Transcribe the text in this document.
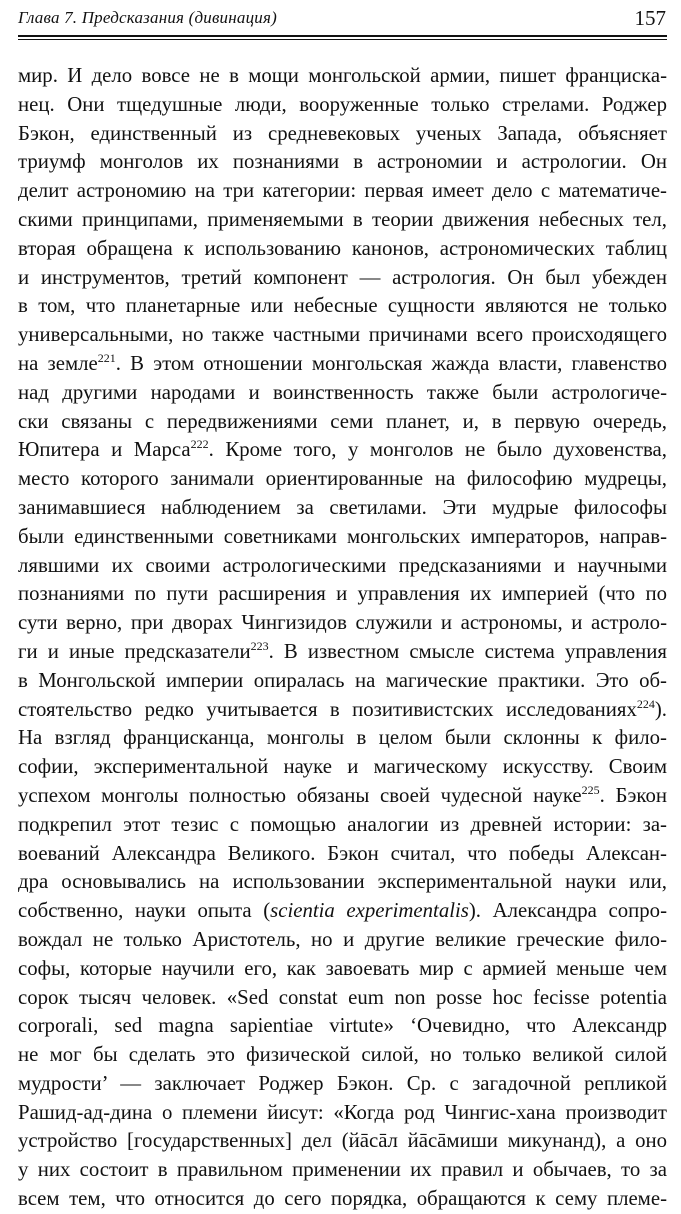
Глава 7. Предсказания (дивинация)	157
мир. И дело вовсе не в мощи монгольской армии, пишет франциска-
нец. Они тщедушные люди, вооруженные только стрелами. Роджер
Бэкон, единственный из средневековых ученых Запада, объясняет
триумф монголов их познаниями в астрономии и астрологии. Он
делит астрономию на три категории: первая имеет дело с математиче-
скими принципами, применяемыми в теории движения небесных тел,
вторая обращена к использованию канонов, астрономических таблиц
и инструментов, третий компонент — астрология. Он был убежден
в том, что планетарные или небесные сущности являются не только
универсальными, но также частными причинами всего происходящего
на земле$^{221}$. В этом отношении монгольская жажда власти, главенство
над другими народами и воинственность также были астрологиче-
ски связаны с передвижениями семи планет, и, в первую очередь,
Юпитера и Марса$^{222}$. Кроме того, у монголов не было духовенства,
место которого занимали ориентированные на философию мудрецы,
занимавшиеся наблюдением за светилами. Эти мудрые философы
были единственными советниками монгольских императоров, направ-
лявшими их своими астрологическими предсказаниями и научными
познаниями по пути расширения и управления их империей (что по
сути верно, при дворах Чингизидов служили и астрономы, и астроло-
ги и иные предсказатели$^{223}$. В известном смысле система управления
в Монгольской империи опиралась на магические практики. Это об-
стоятельство редко учитывается в позитивистских исследованиях$^{224}$).
На взгляд францисканца, монголы в целом были склонны к фило-
софии, экспериментальной науке и магическому искусству. Своим
успехом монголы полностью обязаны своей чудесной науке$^{225}$. Бэкон
подкрепил этот тезис с помощью аналогии из древней истории: за-
воеваний Александра Великого. Бэкон считал, что победы Алексан-
дра основывались на использовании экспериментальной науки или,
собственно, науки опыта (scientia experimentalis). Александра сопро-
вождал не только Аристотель, но и другие великие греческие фило-
софы, которые научили его, как завоевать мир с армией меньше чем
сорок тысяч человек. «Sed constat eum non posse hoc fecisse potentia
corporali, sed magna sapientiae virtute» ‘Очевидно, что Александр
не мог бы сделать это физической силой, но только великой силой
мудрости’ — заключает Роджер Бэкон. Ср. с загадочной репликой
Рашид-ад-дина о племени йисут: «Когда род Чингис-хана производит
устройство [государственных] дел (йāсāл йāсāмиши микунанд), а оно
у них состоит в правильном применении их правил и обычаев, то за
всем тем, что относится до сего порядка, обращаются к сему племе-
